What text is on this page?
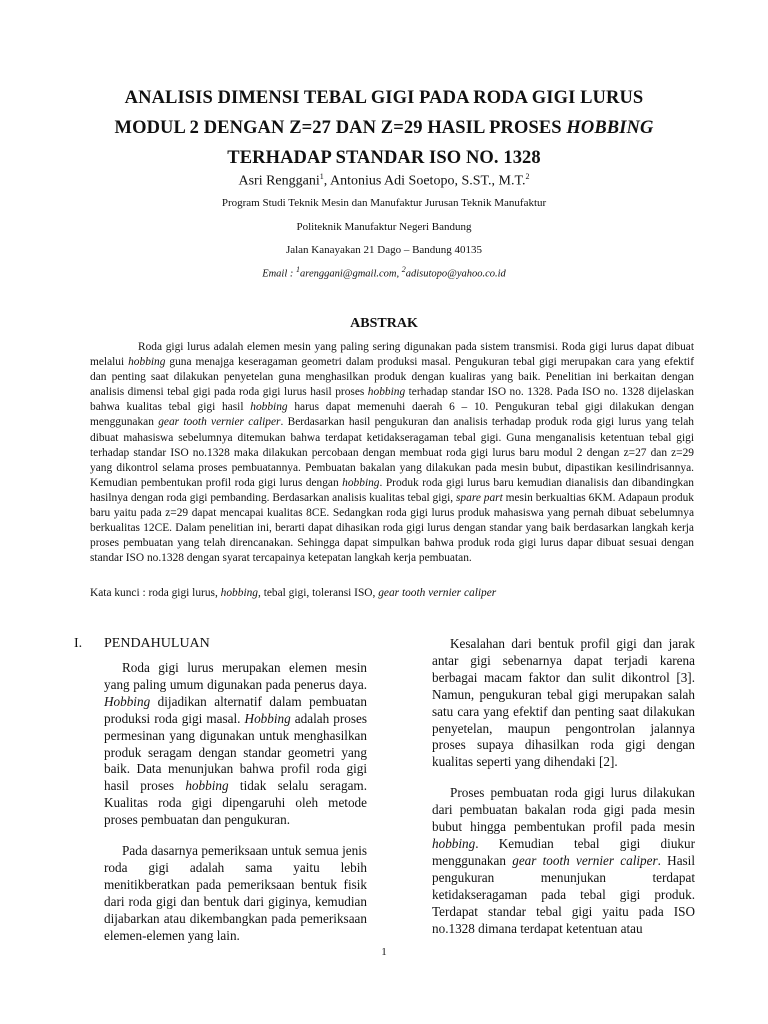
ANALISIS DIMENSI TEBAL GIGI PADA RODA GIGI LURUS
MODUL 2 DENGAN Z=27 DAN Z=29 HASIL PROSES HOBBING
TERHADAP STANDAR ISO NO. 1328
Asri Renggani$^1$, Antonius Adi Soetopo, S.ST., M.T.$^2$
Program Studi Teknik Mesin dan Manufaktur Jurusan Teknik Manufaktur
Politeknik Manufaktur Negeri Bandung
Jalan Kanayakan 21 Dago – Bandung 40135
Email : $^1$arenggani@gmail.com, $^2$adisutopo@yahoo.co.id
ABSTRAK

Roda gigi lurus adalah elemen mesin yang paling sering digunakan pada sistem transmisi. Roda gigi lurus dapat dibuat melalui hobbing guna menajga keseragaman geometri dalam produksi masal. Pengukuran tebal gigi merupakan cara yang efektif dan penting saat dilakukan penyetelan guna menghasilkan produk dengan kualiras yang baik. Penelitian ini berkaitan dengan analisis dimensi tebal gigi pada roda gigi lurus hasil proses hobbing terhadap standar ISO no. 1328. Pada ISO no. 1328 dijelaskan bahwa kualitas tebal gigi hasil hobbing harus dapat memenuhi daerah 6 – 10. Pengukuran tebal gigi dilakukan dengan menggunakan gear tooth vernier caliper. Berdasarkan hasil pengukuran dan analisis terhadap produk roda gigi lurus yang telah dibuat mahasiswa sebelumnya ditemukan bahwa terdapat ketidakseragaman tebal gigi. Guna menganalisis ketentuan tebal gigi terhadap standar ISO no.1328 maka dilakukan percobaan dengan membuat roda gigi lurus baru modul 2 dengan z=27 dan z=29 yang dikontrol selama proses pembuatannya. Pembuatan bakalan yang dilakukan pada mesin bubut, dipastikan kesilindrisannya. Kemudian pembentukan profil roda gigi lurus dengan hobbing. Produk roda gigi lurus baru kemudian dianalisis dan dibandingkan hasilnya dengan roda gigi pembanding. Berdasarkan analisis kualitas tebal gigi, spare part mesin berkualtias 6KM. Adapaun produk baru yaitu pada z=29 dapat mencapai kualitas 8CE. Sedangkan roda gigi lurus produk mahasiswa yang pernah dibuat sebelumnya berkualitas 12CE. Dalam penelitian ini, berarti dapat dihasikan roda gigi lurus dengan standar yang baik berdasarkan langkah kerja proses pembuatan yang telah direncanakan. Sehingga dapat simpulkan bahwa produk roda gigi lurus dapar dibuat sesuai dengan standar ISO no.1328 dengan syarat tercapainya ketepatan langkah kerja pembuatan.

Kata kunci : roda gigi lurus, hobbing, tebal gigi, toleransi ISO, gear tooth vernier caliper
I. PENDAHULUAN

Roda gigi lurus merupakan elemen mesin yang paling umum digunakan pada penerus daya. Hobbing dijadikan alternatif dalam pembuatan produksi roda gigi masal. Hobbing adalah proses permesinan yang digunakan untuk menghasilkan produk seragam dengan standar geometri yang baik. Data menunjukan bahwa profil roda gigi hasil proses hobbing tidak selalu seragam. Kualitas roda gigi dipengaruhi oleh metode proses pembuatan dan pengukuran.

Pada dasarnya pemeriksaan untuk semua jenis roda gigi adalah sama yaitu lebih menitikberatkan pada pemeriksaan bentuk fisik dari roda gigi dan bentuk dari giginya, kemudian dijabarkan atau dikembangkan pada pemeriksaan elemen-elemen yang lain.

Kesalahan dari bentuk profil gigi dan jarak antar gigi sebenarnya dapat terjadi karena berbagai macam faktor dan sulit dikontrol [3]. Namun, pengukuran tebal gigi merupakan salah satu cara yang efektif dan penting saat dilakukan penyetelan, maupun pengontrolan jalannya proses supaya dihasilkan roda gigi dengan kualitas seperti yang dihendaki [2].

Proses pembuatan roda gigi lurus dilakukan dari pembuatan bakalan roda gigi pada mesin bubut hingga pembentukan profil pada mesin hobbing. Kemudian tebal gigi diukur menggunakan gear tooth vernier caliper. Hasil pengukuran menunjukan terdapat ketidakseragaman pada tebal gigi produk. Terdapat standar tebal gigi yaitu pada ISO no.1328 dimana terdapat ketentuan atau

1
